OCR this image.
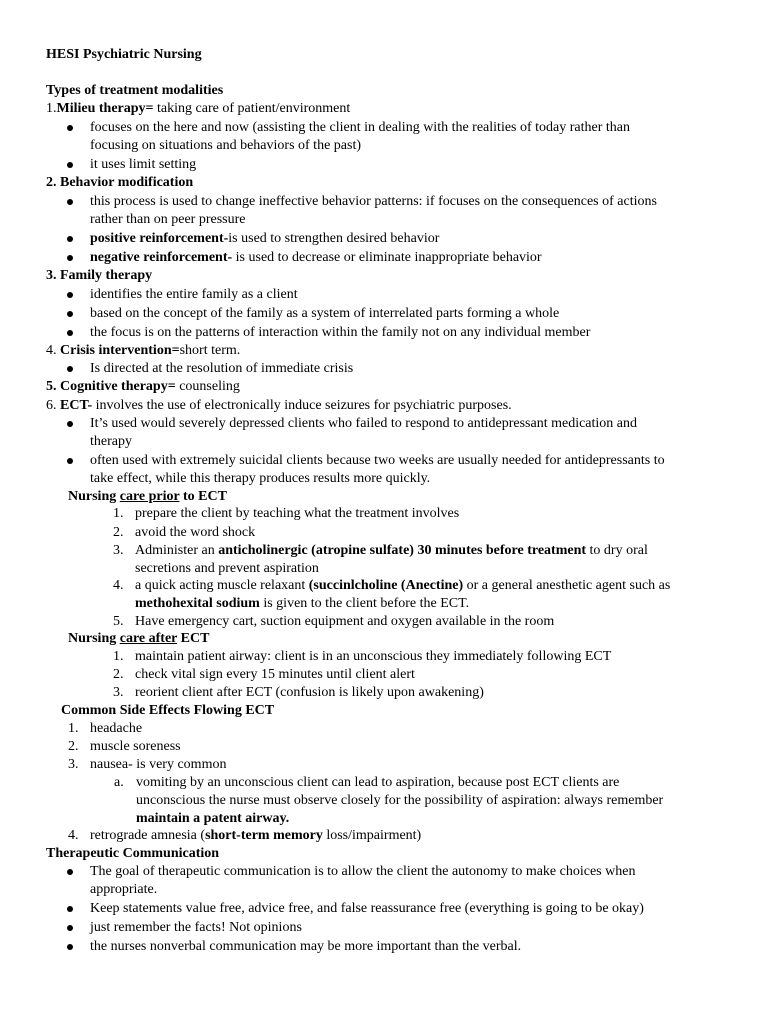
HESI Psychiatric Nursing
Types of treatment modalities
1.Milieu therapy= taking care of patient/environment
focuses on the here and now (assisting the client in dealing with the realities of today rather than
focusing on situations and behaviors of the past)
it uses limit setting
2. Behavior modification
this process is used to change ineffective behavior patterns: if focuses on the consequences of actions
rather than on peer pressure
positive reinforcement-is used to strengthen desired behavior
negative reinforcement- is used to decrease or eliminate inappropriate behavior
3. Family therapy
identifies the entire family as a client
based on the concept of the family as a system of interrelated parts forming a whole
the focus is on the patterns of interaction within the family not on any individual member
4. Crisis intervention=short term.
Is directed at the resolution of immediate crisis
5. Cognitive therapy= counseling
6. ECT- involves the use of electronically induce seizures for psychiatric purposes.
It’s used would severely depressed clients who failed to respond to antidepressant medication and
therapy
often used with extremely suicidal clients because two weeks are usually needed for antidepressants to
take effect, while this therapy produces results more quickly.
Nursing care prior to ECT
1. prepare the client by teaching what the treatment involves
2. avoid the word shock
3. Administer an anticholinergic (atropine sulfate) 30 minutes before treatment to dry oral
secretions and prevent aspiration
4. a quick acting muscle relaxant (succinlcholine (Anectine) or a general anesthetic agent such as
methohexital sodium is given to the client before the ECT.
5. Have emergency cart, suction equipment and oxygen available in the room
Nursing care after ECT
1. maintain patient airway: client is in an unconscious they immediately following ECT
2. check vital sign every 15 minutes until client alert
3. reorient client after ECT (confusion is likely upon awakening)
Common Side Effects Flowing ECT
1. headache
2. muscle soreness
3. nausea- is very common
a. vomiting by an unconscious client can lead to aspiration, because post ECT clients are
unconscious the nurse must observe closely for the possibility of aspiration: always remember
maintain a patent airway.
4. retrograde amnesia (short-term memory loss/impairment)
Therapeutic Communication
The goal of therapeutic communication is to allow the client the autonomy to make choices when
appropriate.
Keep statements value free, advice free, and false reassurance free (everything is going to be okay)
just remember the facts! Not opinions
the nurses nonverbal communication may be more important than the verbal.
